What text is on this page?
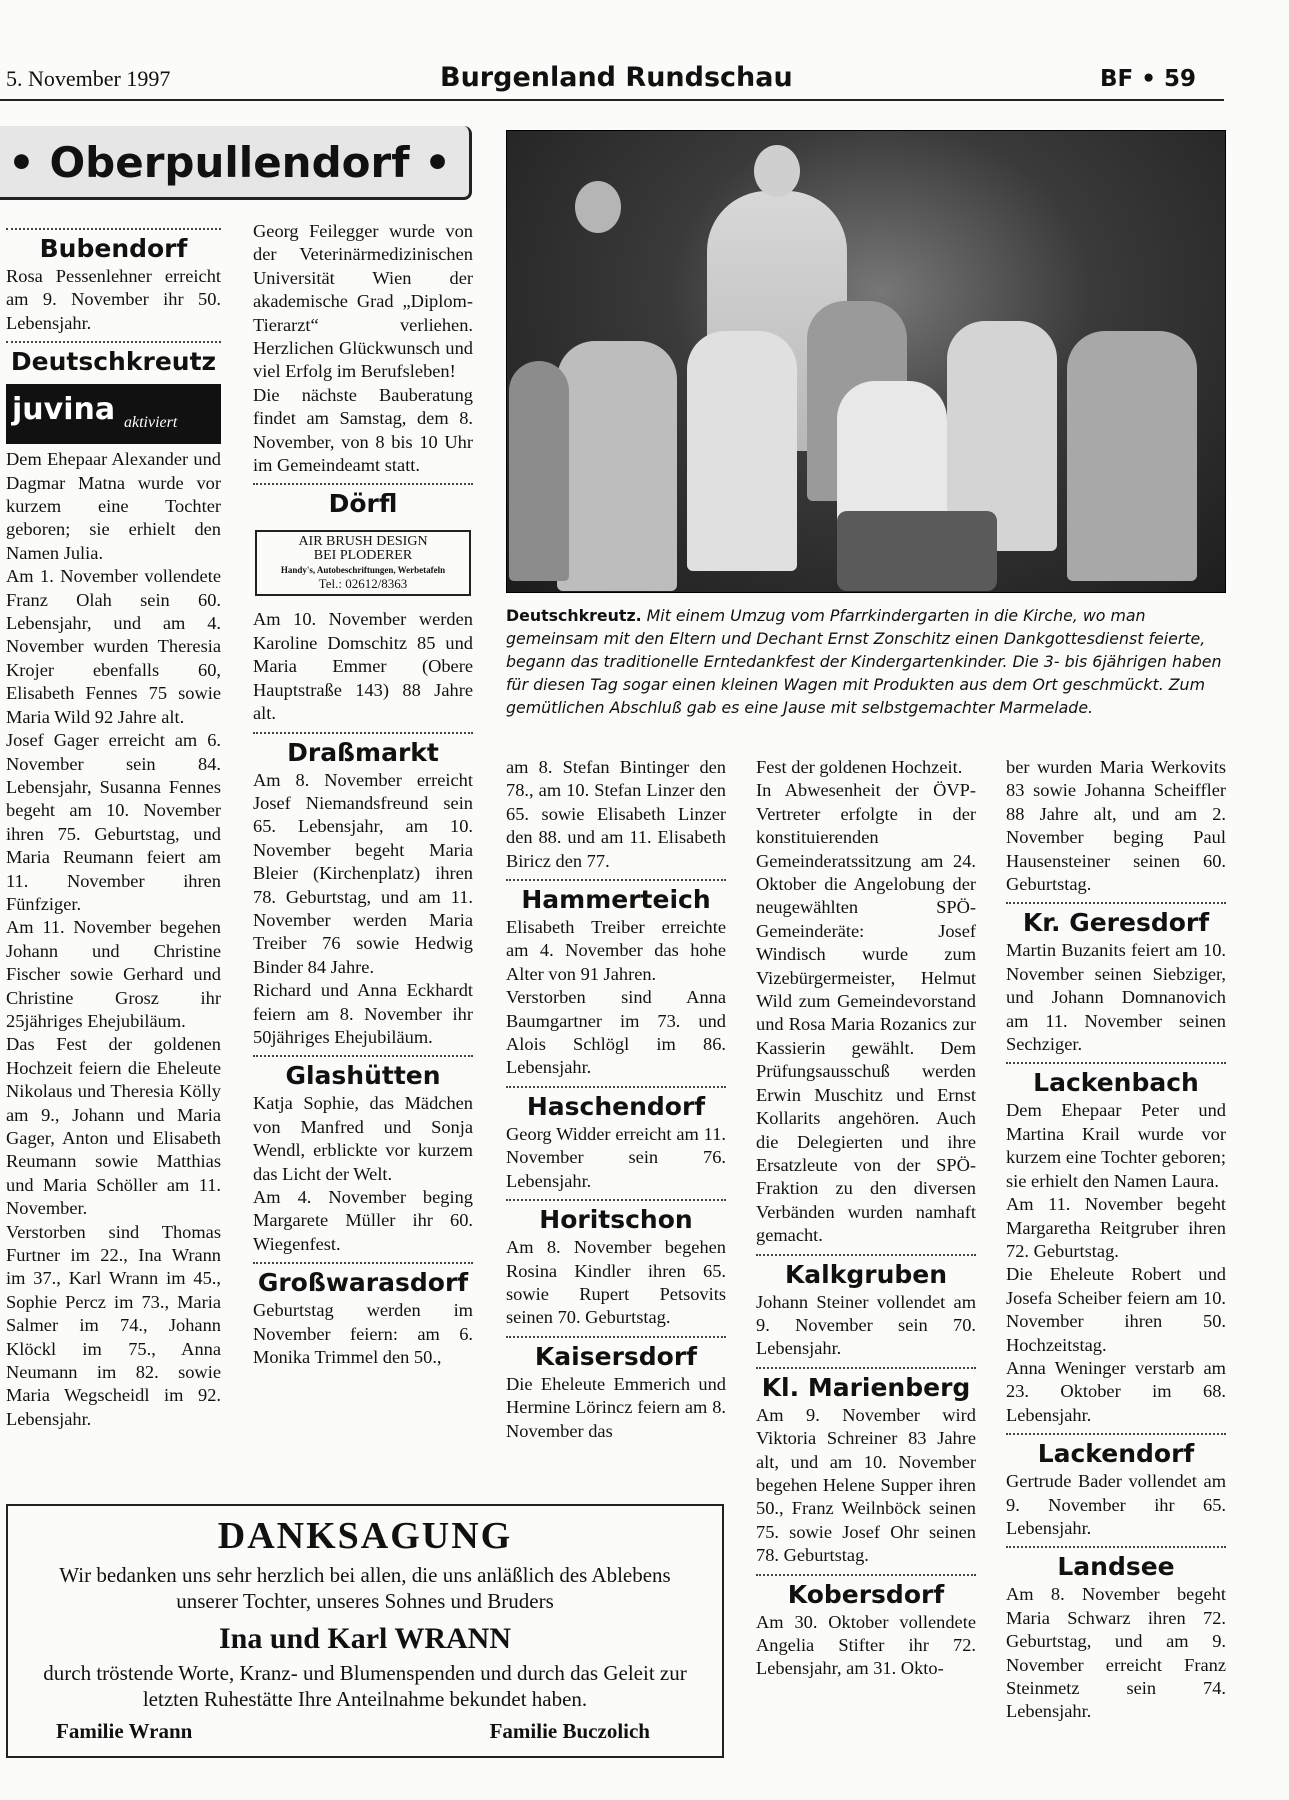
5. November 1997	Burgenland Rundschau	BF • 59
• Oberpullendorf •
Deutschkreutz. Mit einem Umzug vom Pfarrkindergarten in die Kirche, wo man gemeinsam mit den Eltern und Dechant Ernst Zonschitz einen Dankgottesdienst feierte, begann das traditionelle Erntedankfest der Kindergartenkinder. Die 3- bis 6jährigen haben für diesen Tag sogar einen kleinen Wagen mit Produkten aus dem Ort geschmückt. Zum gemütlichen Abschluß gab es eine Jause mit selbstgemachter Marmelade.
Bubendorf

Rosa Pessenlehner erreicht am 9. November ihr 50. Lebensjahr.

Deutschkreutz
juvina aktiviert

Dem Ehepaar Alexander und Dagmar Matna wurde vor kurzem eine Tochter geboren; sie erhielt den Namen Julia.

Am 1. November vollendete Franz Olah sein 60. Lebensjahr, und am 4. November wurden Theresia Krojer ebenfalls 60, Elisabeth Fennes 75 sowie Maria Wild 92 Jahre alt.

Josef Gager erreicht am 6. November sein 84. Lebensjahr, Susanna Fennes begeht am 10. November ihren 75. Geburtstag, und Maria Reumann feiert am 11. November ihren Fünfziger.

Am 11. November begehen Johann und Christine Fischer sowie Gerhard und Christine Grosz ihr 25jähriges Ehejubiläum.

Das Fest der goldenen Hochzeit feiern die Eheleute Nikolaus und Theresia Kölly am 9., Johann und Maria Gager, Anton und Elisabeth Reumann sowie Matthias und Maria Schöller am 11. November.

Verstorben sind Thomas Furtner im 22., Ina Wrann im 37., Karl Wrann im 45., Sophie Percz im 73., Maria Salmer im 74., Johann Klöckl im 75., Anna Neumann im 82. sowie Maria Wegscheidl im 92. Lebensjahr.

Georg Feilegger wurde von der Veterinärmedizinischen Universität Wien der akademische Grad „Diplom-Tierarzt“ verliehen. Herzlichen Glückwunsch und viel Erfolg im Berufsleben!

Die nächste Bauberatung findet am Samstag, dem 8. November, von 8 bis 10 Uhr im Gemeindeamt statt.

Dörfl
AIR BRUSH DESIGN
BEI PLODERER
Handy's, Autobeschriftungen, Werbetafeln
Tel.: 02612/8363

Am 10. November werden Karoline Domschitz 85 und Maria Emmer (Obere Hauptstraße 143) 88 Jahre alt.

Draßmarkt

Am 8. November erreicht Josef Niemandsfreund sein 65. Lebensjahr, am 10. November begeht Maria Bleier (Kirchenplatz) ihren 78. Geburtstag, und am 11. November werden Maria Treiber 76 sowie Hedwig Binder 84 Jahre.

Richard und Anna Eckhardt feiern am 8. November ihr 50jähriges Ehejubiläum.

Glashütten

Katja Sophie, das Mädchen von Manfred und Sonja Wendl, erblickte vor kurzem das Licht der Welt.

Am 4. November beging Margarete Müller ihr 60. Wiegenfest.

Großwarasdorf

Geburtstag werden im November feiern: am 6. Monika Trimmel den 50.,

am 8. Stefan Bintinger den 78., am 10. Stefan Linzer den 65. sowie Elisabeth Linzer den 88. und am 11. Elisabeth Biricz den 77.

Hammerteich

Elisabeth Treiber erreichte am 4. November das hohe Alter von 91 Jahren.

Verstorben sind Anna Baumgartner im 73. und Alois Schlögl im 86. Lebensjahr.

Haschendorf

Georg Widder erreicht am 11. November sein 76. Lebensjahr.

Horitschon

Am 8. November begehen Rosina Kindler ihren 65. sowie Rupert Petsovits seinen 70. Geburtstag.

Kaisersdorf

Die Eheleute Emmerich und Hermine Lörincz feiern am 8. November das

Fest der goldenen Hochzeit.

In Abwesenheit der ÖVP-Vertreter erfolgte in der konstituierenden Gemeinderatssitzung am 24. Oktober die Angelobung der neugewählten SPÖ-Gemeinderäte: Josef Windisch wurde zum Vizebürgermeister, Helmut Wild zum Gemeindevorstand und Rosa Maria Rozanics zur Kassierin gewählt. Dem Prüfungsausschuß werden Erwin Muschitz und Ernst Kollarits angehören. Auch die Delegierten und ihre Ersatzleute von der SPÖ-Fraktion zu den diversen Verbänden wurden namhaft gemacht.

Kalkgruben

Johann Steiner vollendet am 9. November sein 70. Lebensjahr.

Kl. Marienberg

Am 9. November wird Viktoria Schreiner 83 Jahre alt, und am 10. November begehen Helene Supper ihren 50., Franz Weilnböck seinen 75. sowie Josef Ohr seinen 78. Geburtstag.

Kobersdorf

Am 30. Oktober vollendete Angelia Stifter ihr 72. Lebensjahr, am 31. Okto-

ber wurden Maria Werkovits 83 sowie Johanna Scheiffler 88 Jahre alt, und am 2. November beging Paul Hausensteiner seinen 60. Geburtstag.

Kr. Geresdorf

Martin Buzanits feiert am 10. November seinen Siebziger, und Johann Domnanovich am 11. November seinen Sechziger.

Lackenbach

Dem Ehepaar Peter und Martina Krail wurde vor kurzem eine Tochter geboren; sie erhielt den Namen Laura.

Am 11. November begeht Margaretha Reitgruber ihren 72. Geburtstag.

Die Eheleute Robert und Josefa Scheiber feiern am 10. November ihren 50. Hochzeitstag.

Anna Weninger verstarb am 23. Oktober im 68. Lebensjahr.

Lackendorf

Gertrude Bader vollendet am 9. November ihr 65. Lebensjahr.

Landsee

Am 8. November begeht Maria Schwarz ihren 72. Geburtstag, und am 9. November erreicht Franz Steinmetz sein 74. Lebensjahr.

DANKSAGUNG
Wir bedanken uns sehr herzlich bei allen, die uns anläßlich des Ablebens unserer Tochter, unseres Sohnes und Bruders
Ina und Karl WRANN
durch tröstende Worte, Kranz- und Blumenspenden und durch das Geleit zur letzten Ruhestätte Ihre Anteilnahme bekundet haben.
Familie Wrann	Familie Buczolich
